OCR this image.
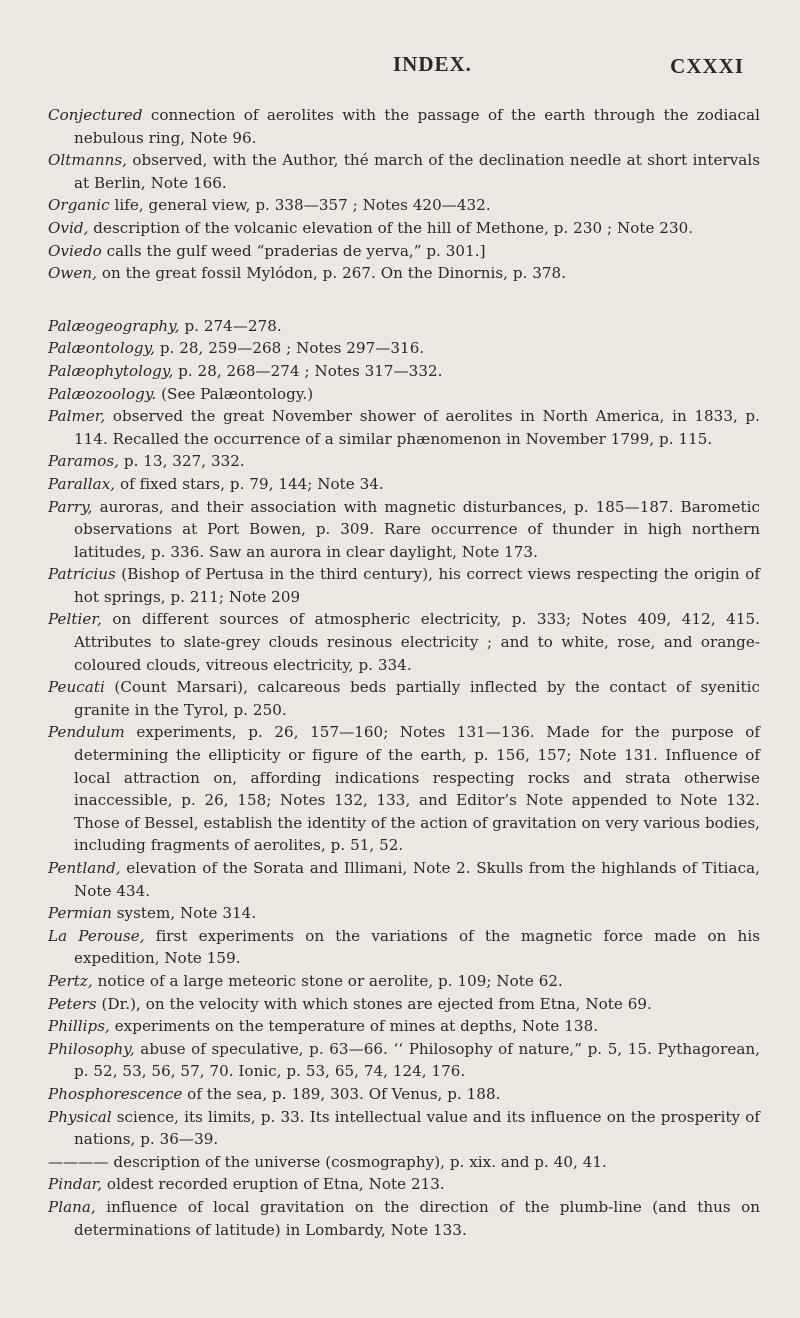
INDEX.	CXXXI
Conjectured connection of aerolites with the passage of the earth through the zodiacal nebulous ring, Note 96.
Oltmanns, observed, with the Author, thé march of the declination needle at short intervals at Berlin, Note 166.
Organic life, general view, p. 338—357 ; Notes 420—432.
Ovid, description of the volcanic elevation of the hill of Methone, p. 230 ; Note 230.
Oviedo calls the gulf weed “praderias de yerva,” p. 301.]
Owen, on the great fossil Mylódon, p. 267. On the Dinornis, p. 378.
Palæogeography, p. 274—278.
Palæontology, p. 28, 259—268 ; Notes 297—316.
Palæophytology, p. 28, 268—274 ; Notes 317—332.
Palæozoology. (See Palæontology.)
Palmer, observed the great November shower of aerolites in North America, in 1833, p. 114. Recalled the occurrence of a similar phænomenon in November 1799, p. 115.
Paramos, p. 13, 327, 332.
Parallax, of fixed stars, p. 79, 144; Note 34.
Parry, auroras, and their association with magnetic disturbances, p. 185—187. Barometic observations at Port Bowen, p. 309. Rare occurrence of thunder in high northern latitudes, p. 336. Saw an aurora in clear daylight, Note 173.
Patricius (Bishop of Pertusa in the third century), his correct views respecting the origin of hot springs, p. 211; Note 209
Peltier, on different sources of atmospheric electricity, p. 333; Notes 409, 412, 415. Attributes to slate-grey clouds resinous electricity ; and to white, rose, and orange-coloured clouds, vitreous electricity, p. 334.
Peucati (Count Marsari), calcareous beds partially inflected by the contact of syenitic granite in the Tyrol, p. 250.
Pendulum experiments, p. 26, 157—160; Notes 131—136. Made for the purpose of determining the ellipticity or figure of the earth, p. 156, 157; Note 131. Influence of local attraction on, affording indications respecting rocks and strata otherwise inaccessible, p. 26, 158; Notes 132, 133, and Editor’s Note appended to Note 132. Those of Bessel, establish the identity of the action of gravitation on very various bodies, including fragments of aerolites, p. 51, 52.
Pentland, elevation of the Sorata and Illimani, Note 2. Skulls from the highlands of Titiaca, Note 434.
Permian system, Note 314.
La Perouse, first experiments on the variations of the magnetic force made on his expedition, Note 159.
Pertz, notice of a large meteoric stone or aerolite, p. 109; Note 62.
Peters (Dr.), on the velocity with which stones are ejected from Etna, Note 69.
Phillips, experiments on the temperature of mines at depths, Note 138.
Philosophy, abuse of speculative, p. 63—66. ‘‘ Philosophy of nature,” p. 5, 15. Pythagorean, p. 52, 53, 56, 57, 70. Ionic, p. 53, 65, 74, 124, 176.
Phosphorescence of the sea, p. 189, 303. Of Venus, p. 188.
Physical science, its limits, p. 33. Its intellectual value and its influence on the prosperity of nations, p. 36—39.
———— description of the universe (cosmography), p. xix. and p. 40, 41.
Pindar, oldest recorded eruption of Etna, Note 213.
Plana, influence of local gravitation on the direction of the plumb-line (and thus on determinations of latitude) in Lombardy, Note 133.
